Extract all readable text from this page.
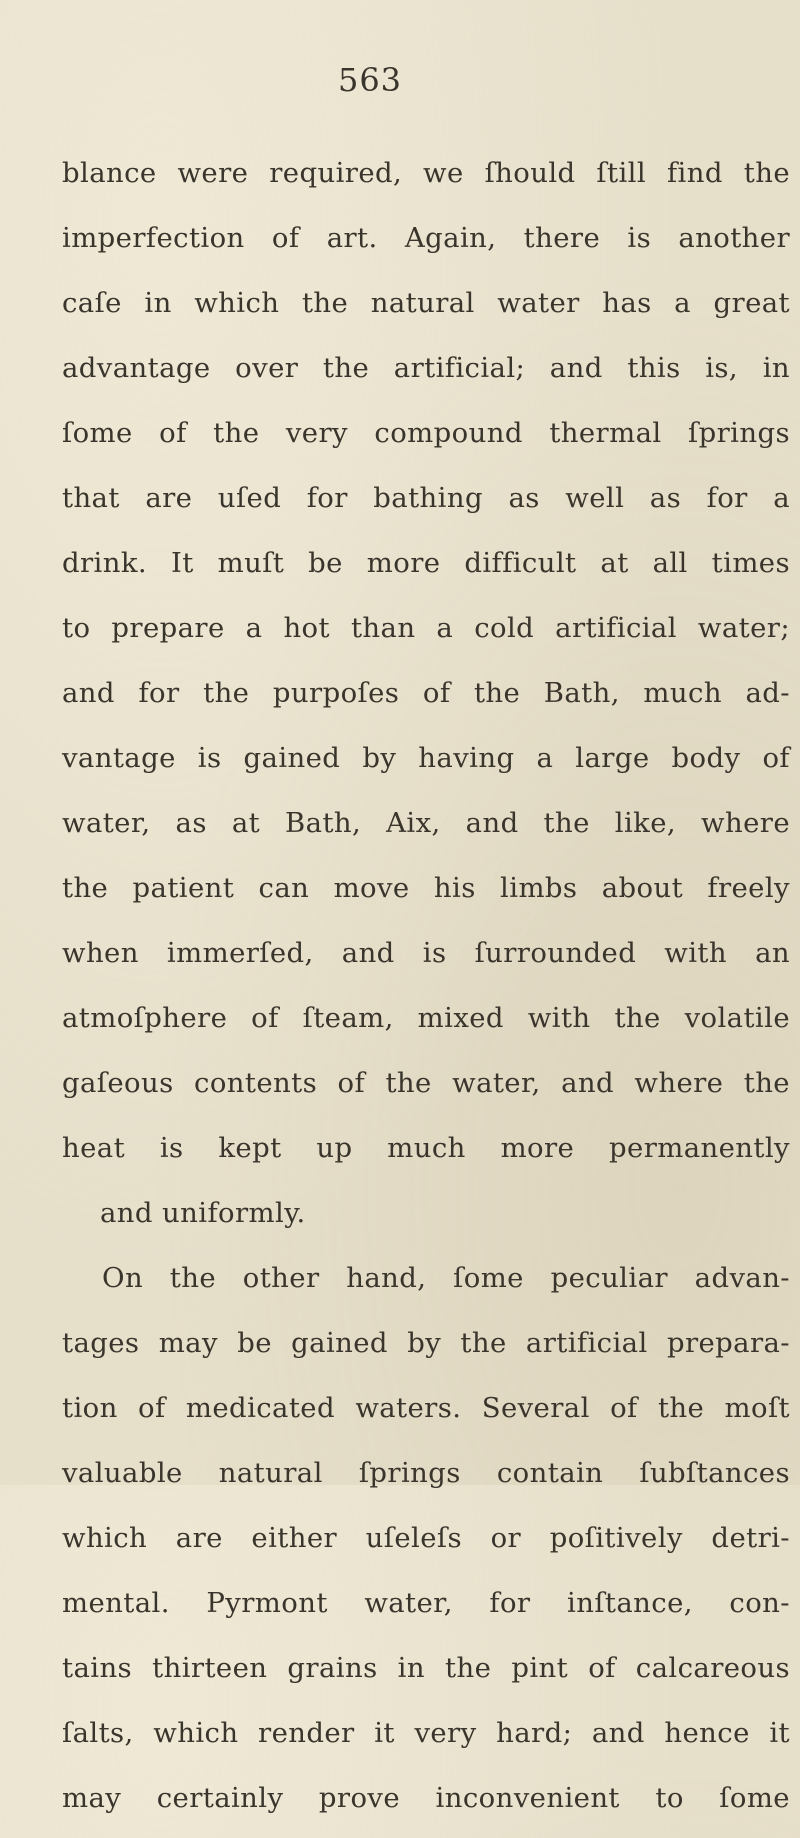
563
blance were required, we ſhould ſtill find the
imperfection of art. Again, there is another
caſe in which the natural water has a great
advantage over the artificial; and this is, in
ſome of the very compound thermal ſprings
that are uſed for bathing as well as for a
drink. It muſt be more difficult at all times
to prepare a hot than a cold artificial water;
and for the purpoſes of the Bath, much ad-
vantage is gained by having a large body of
water, as at Bath, Aix, and the like, where
the patient can move his limbs about freely
when immerſed, and is ſurrounded with an
atmoſphere of ſteam, mixed with the volatile
gaſeous contents of the water, and where the
heat is kept up much more permanently
and uniformly.
On the other hand, ſome peculiar advan-
tages may be gained by the artificial prepara-
tion of medicated waters. Several of the moſt
valuable natural ſprings contain ſubſtances
which are either uſeleſs or poſitively detri-
mental. Pyrmont water, for inſtance, con-
tains thirteen grains in the pint of calcareous
ſalts, which render it very hard; and hence it
may certainly prove inconvenient to ſome
